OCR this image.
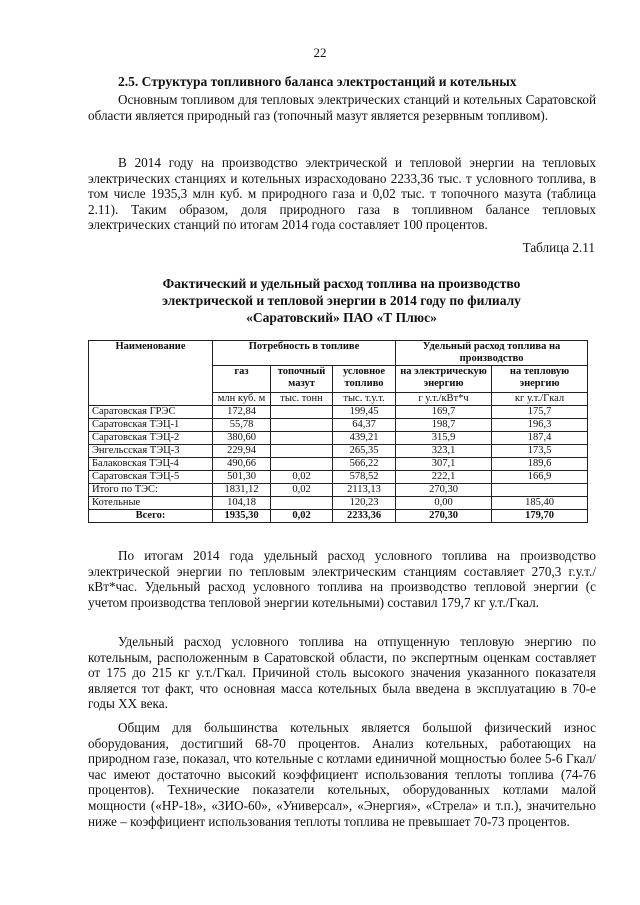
22
2.5. Структура топливного баланса электростанций и котельных

Основным топливом для тепловых электрических станций и котельных Саратовской области является природный газ (топочный мазут является резервным топливом).

В 2014 году на производство электрической и тепловой энергии на тепловых электрических станциях и котельных израсходовано 2233,36 тыс. т условного топлива, в том числе 1935,3 млн куб. м природного газа и 0,02 тыс. т топочного мазута (таблица 2.11). Таким образом, доля природного газа в топливном балансе тепловых электрических станций по итогам 2014 года составляет 100 процентов.

Таблица 2.11
Фактический и удельный расход топлива на производство
электрической и тепловой энергии в 2014 году по филиалу
«Саратовский» ПАО «Т Плюс»
Наименование	Потребность в топливе			Удельный расход топлива на производство	
	газ	топочный мазут	условное топливо	на электрическую энергию	на тепловую энергию
	млн куб. м	тыс. тонн	тыс. т.у.т.	г у.т./кВт*ч	кг у.т./Гкал
Саратовская ГРЭС	172,84		199,45	169,7	175,7
Саратовская ТЭЦ-1	55,78		64,37	198,7	196,3
Саратовская ТЭЦ-2	380,60		439,21	315,9	187,4
Энгельсская ТЭЦ-3	229,94		265,35	323,1	173,5
Балаковская ТЭЦ-4	490,66		566,22	307,1	189,6
Саратовская ТЭЦ-5	501,30	0,02	578,52	222,1	166,9
Итого по ТЭС:	1831,12	0,02	2113,13	270,30	
Котельные	104,18		120,23	0,00	185,40
Всего:	1935,30	0,02	2233,36	270,30	179,70

По итогам 2014 года удельный расход условного топлива на производство электрической энергии по тепловым электрическим станциям составляет 270,3 г.у.т./кВт*час. Удельный расход условного топлива на производство тепловой энергии (с учетом производства тепловой энергии котельными) составил 179,7 кг у.т./Гкал.

Удельный расход условного топлива на отпущенную тепловую энергию по котельным, расположенным в Саратовской области, по экспертным оценкам составляет от 175 до 215 кг у.т./Гкал. Причиной столь высокого значения указанного показателя является тот факт, что основная масса котельных была введена в эксплуатацию в 70-е годы XX века.

Общим для большинства котельных является большой физический износ оборудования, достигший 68-70 процентов. Анализ котельных, работающих на природном газе, показал, что котельные с котлами единичной мощностью более 5-6 Гкал/час имеют достаточно высокий коэффициент использования теплоты топлива (74-76 процентов). Технические показатели котельных, оборудованных котлами малой мощности («НР-18», «ЗИО-60», «Универсал», «Энергия», «Стрела» и т.п.), значительно ниже – коэффициент использования теплоты топлива не превышает 70-73 процентов.
